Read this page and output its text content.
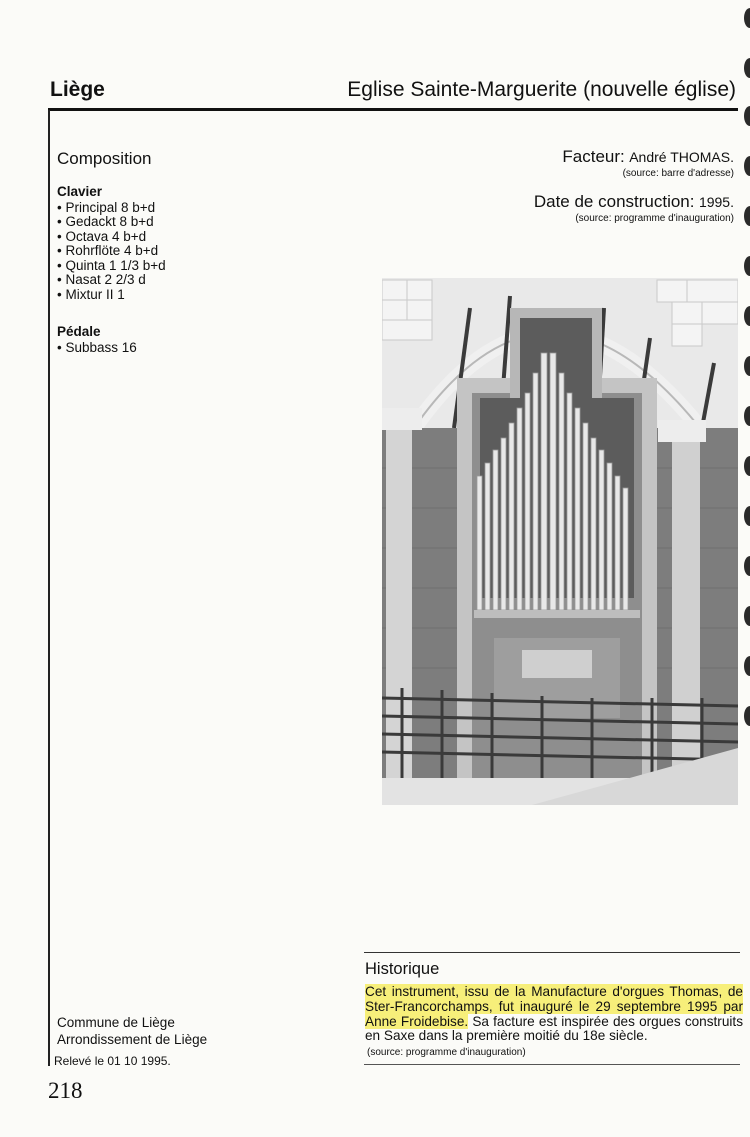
Liège	Eglise Sainte-Marguerite (nouvelle église)
Composition
Clavier
• Principal 8 b+d
• Gedackt 8 b+d
• Octava 4 b+d
• Rohrflöte 4 b+d
• Quinta 1 1/3 b+d
• Nasat 2 2/3 d
• Mixtur II 1
Pédale
• Subbass 16
Facteur: André THOMAS.
(source: barre d'adresse)
Date de construction: 1995.
(source: programme d'inauguration)
Historique
Cet instrument, issu de la Manufacture d'orgues Thomas, de Ster-Francorchamps, fut inauguré le 29 septembre 1995 par Anne Froidebise. Sa facture est inspirée des orgues construits en Saxe dans la première moitié du 18e siècle.
(source: programme d'inauguration)
Commune de Liège
Arrondissement de Liège
Relevé le 01 10 1995.
218
